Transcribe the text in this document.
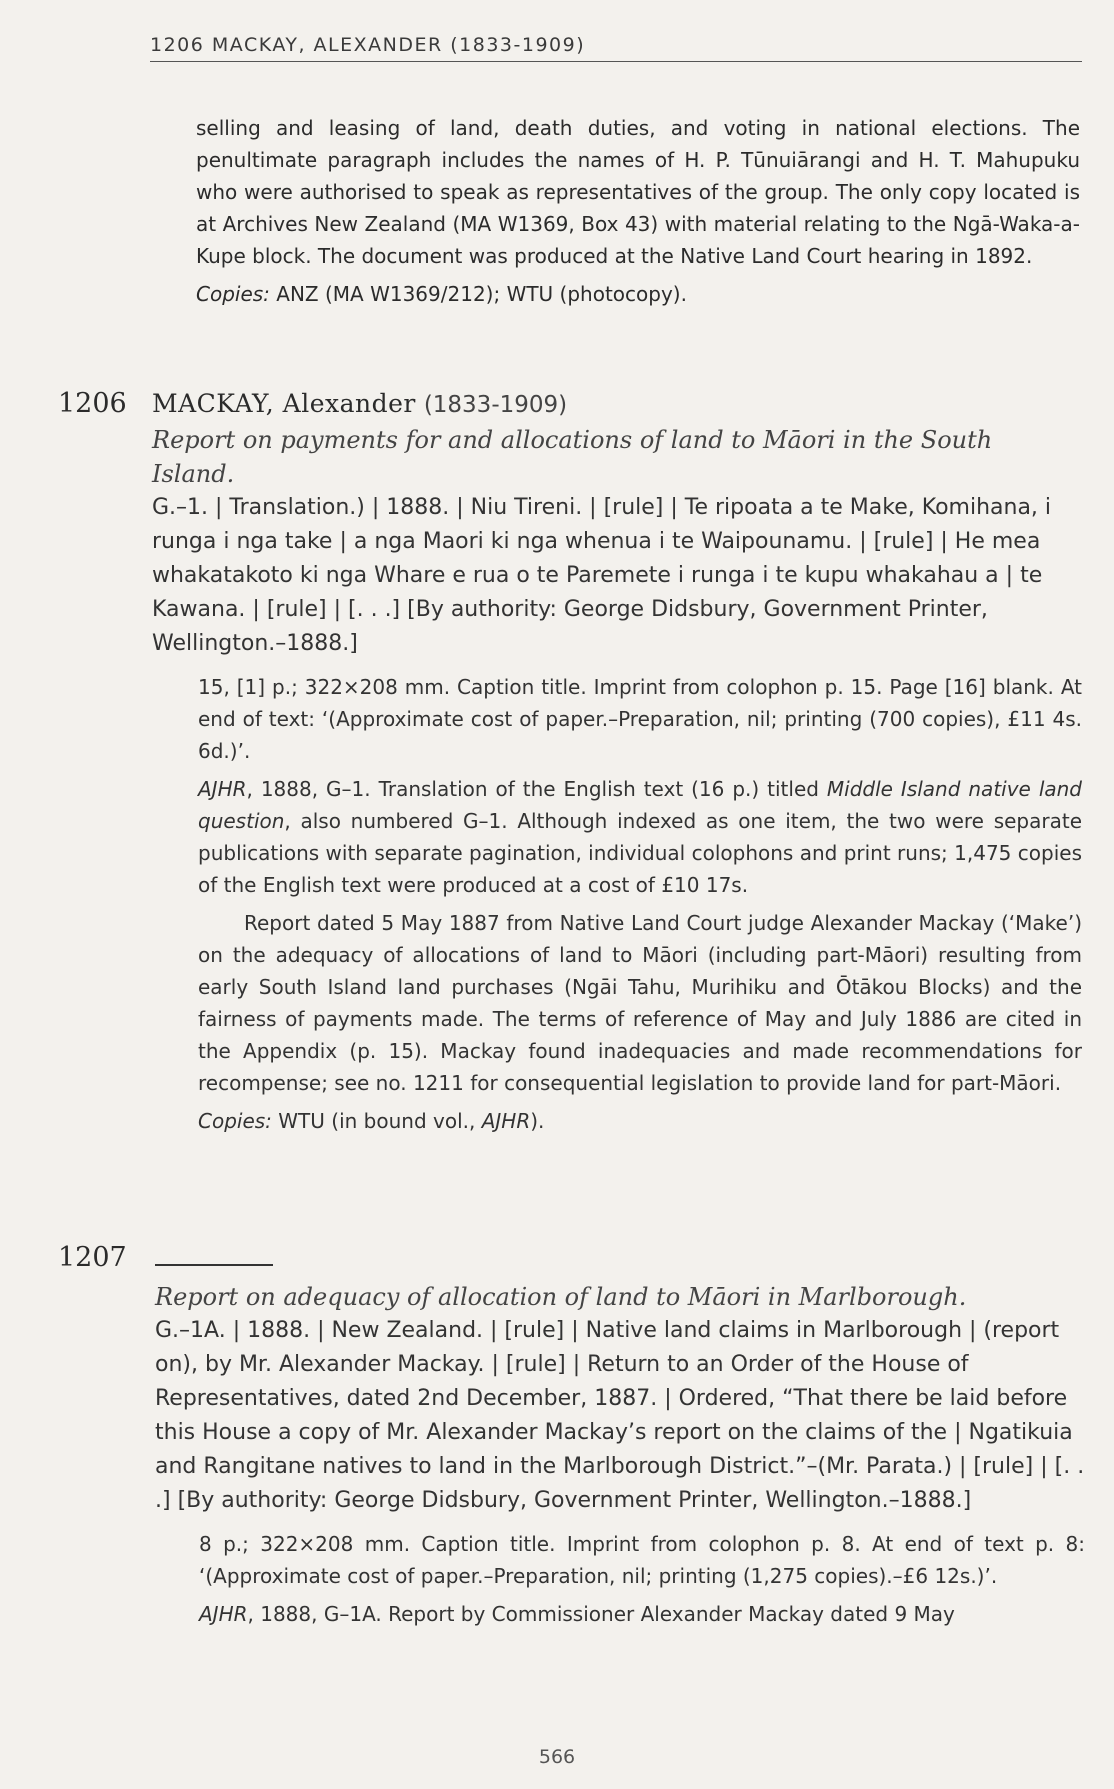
1206 MACKAY, ALEXANDER (1833-1909)

selling and leasing of land, death duties, and voting in national elections. The penultimate paragraph includes the names of H. P. Tūnuiārangi and H. T. Mahupuku who were authorised to speak as representatives of the group. The only copy located is at Archives New Zealand (MA W1369, Box 43) with material relating to the Ngā-Waka-a-Kupe block. The document was produced at the Native Land Court hearing in 1892.

Copies: ANZ (MA W1369/212); WTU (photocopy).

1206 MACKAY, Alexander (1833-1909)

Report on payments for and allocations of land to Māori in the South Island.

G.–1. | Translation.) | 1888. | Niu Tireni. | [rule] | Te ripoata a te Make, Komihana, i runga i nga take | a nga Maori ki nga whenua i te Waipounamu. | [rule] | He mea whakatakoto ki nga Whare e rua o te Paremete i runga i te kupu whakahau a | te Kawana. | [rule] | [. . .] [By authority: George Didsbury, Government Printer, Wellington.–1888.]

15, [1] p.; 322×208 mm. Caption title. Imprint from colophon p. 15. Page [16] blank. At end of text: ‘(Approximate cost of paper.–Preparation, nil; printing (700 copies), £11 4s. 6d.)’.

AJHR, 1888, G–1. Translation of the English text (16 p.) titled Middle Island native land question, also numbered G–1. Although indexed as one item, the two were separate publications with separate pagination, individual colophons and print runs; 1,475 copies of the English text were produced at a cost of £10 17s.

Report dated 5 May 1887 from Native Land Court judge Alexander Mackay (‘Make’) on the adequacy of allocations of land to Māori (including part-Māori) resulting from early South Island land purchases (Ngāi Tahu, Murihiku and Ōtākou Blocks) and the fairness of payments made. The terms of reference of May and July 1886 are cited in the Appendix (p. 15). Mackay found inadequacies and made recommendations for recompense; see no. 1211 for consequential legislation to provide land for part-Māori.

Copies: WTU (in bound vol., AJHR).

1207

Report on adequacy of allocation of land to Māori in Marlborough.

G.–1A. | 1888. | New Zealand. | [rule] | Native land claims in Marlborough | (report on), by Mr. Alexander Mackay. | [rule] | Return to an Order of the House of Representatives, dated 2nd December, 1887. | Ordered, “That there be laid before this House a copy of Mr. Alexander Mackay’s report on the claims of the | Ngatikuia and Rangitane natives to land in the Marlborough District.”–(Mr. Parata.) | [rule] | [. . .] [By authority: George Didsbury, Government Printer, Wellington.–1888.]

8 p.; 322×208 mm. Caption title. Imprint from colophon p. 8. At end of text p. 8: ‘(Approximate cost of paper.–Preparation, nil; printing (1,275 copies).–£6 12s.)’.

AJHR, 1888, G–1A. Report by Commissioner Alexander Mackay dated 9 May

566
